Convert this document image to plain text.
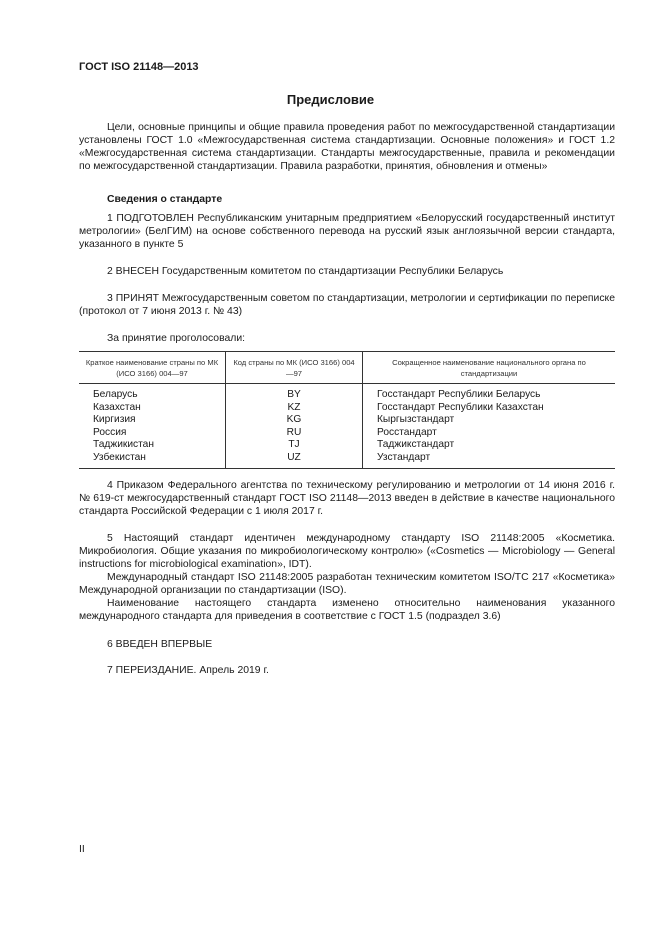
ГОСТ ISO 21148—2013
Предисловие

Цели, основные принципы и общие правила проведения работ по межгосударственной стандартизации установлены ГОСТ 1.0 «Межгосударственная система стандартизации. Основные положения» и ГОСТ 1.2 «Межгосударственная система стандартизации. Стандарты межгосударственные, правила и рекомендации по межгосударственной стандартизации. Правила разработки, принятия, обновления и отмены»

Сведения о стандарте

1 ПОДГОТОВЛЕН Республиканским унитарным предприятием «Белорусский государственный институт метрологии» (БелГИМ) на основе собственного перевода на русский язык англоязычной версии стандарта, указанного в пункте 5

2 ВНЕСЕН Государственным комитетом по стандартизации Республики Беларусь

3 ПРИНЯТ Межгосударственным советом по стандартизации, метрологии и сертификации по переписке (протокол от 7 июня 2013 г. № 43)

За принятие проголосовали:

Краткое наименование страны по МК (ИСО 3166) 004—97	Код страны по МК (ИСО 3166) 004—97	Сокращенное наименование национального органа по стандартизации
Беларусь	BY	Госстандарт Республики Беларусь
Казахстан	KZ	Госстандарт Республики Казахстан
Киргизия	KG	Кыргызстандарт
Россия	RU	Росстандарт
Таджикистан	TJ	Таджикстандарт
Узбекистан	UZ	Узстандарт

4 Приказом Федерального агентства по техническому регулированию и метрологии от 14 июня 2016 г. № 619-ст межгосударственный стандарт ГОСТ ISO 21148—2013 введен в действие в качестве национального стандарта Российской Федерации с 1 июля 2017 г.

5 Настоящий стандарт идентичен международному стандарту ISO 21148:2005 «Косметика. Микробиология. Общие указания по микробиологическому контролю» («Cosmetics — Microbiology — General instructions for microbiological examination», IDT).

Международный стандарт ISO 21148:2005 разработан техническим комитетом ISO/TC 217 «Косметика» Международной организации по стандартизации (ISO).

Наименование настоящего стандарта изменено относительно наименования указанного международного стандарта для приведения в соответствие с ГОСТ 1.5 (подраздел 3.6)

6 ВВЕДЕН ВПЕРВЫЕ

7 ПЕРЕИЗДАНИЕ. Апрель 2019 г.

II
